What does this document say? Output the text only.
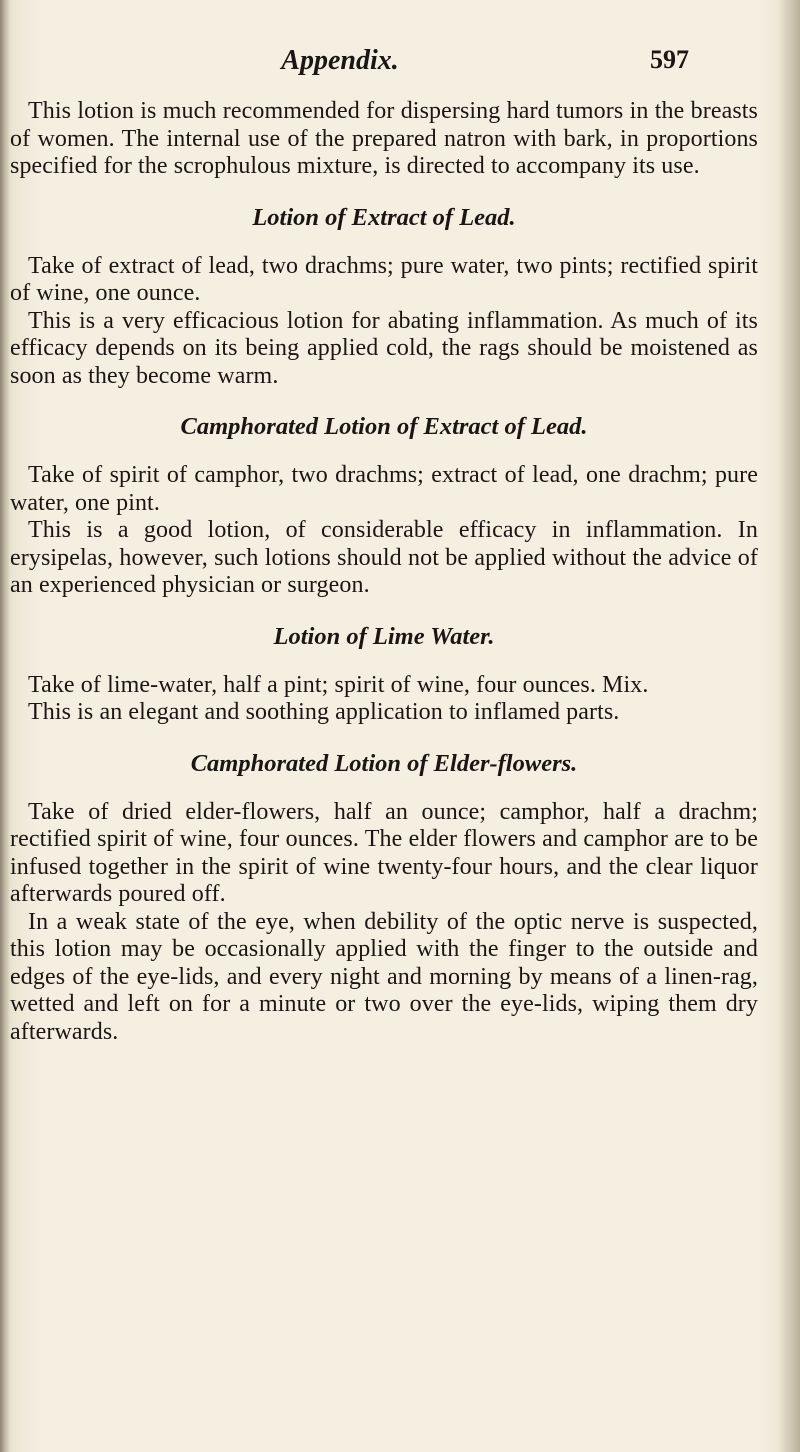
Appendix.	597

This lotion is much recommended for dispersing hard tumors in the breasts of women. The internal use of the prepared natron with bark, in proportions specified for the scrophulous mixture, is directed to accompany its use.

Lotion of Extract of Lead.

Take of extract of lead, two drachms; pure water, two pints; rectified spirit of wine, one ounce.

This is a very efficacious lotion for abating inflammation. As much of its efficacy depends on its being applied cold, the rags should be moistened as soon as they become warm.

Camphorated Lotion of Extract of Lead.

Take of spirit of camphor, two drachms; extract of lead, one drachm; pure water, one pint.

This is a good lotion, of considerable efficacy in inflammation. In erysipelas, however, such lotions should not be applied without the advice of an experienced physician or surgeon.

Lotion of Lime Water.

Take of lime-water, half a pint; spirit of wine, four ounces. Mix.

This is an elegant and soothing application to inflamed parts.

Camphorated Lotion of Elder-flowers.

Take of dried elder-flowers, half an ounce; camphor, half a drachm; rectified spirit of wine, four ounces. The elder flowers and camphor are to be infused together in the spirit of wine twenty-four hours, and the clear liquor afterwards poured off.

In a weak state of the eye, when debility of the optic nerve is suspected, this lotion may be occasionally applied with the finger to the outside and edges of the eye-lids, and every night and morning by means of a linen-rag, wetted and left on for a minute or two over the eye-lids, wiping them dry afterwards.
